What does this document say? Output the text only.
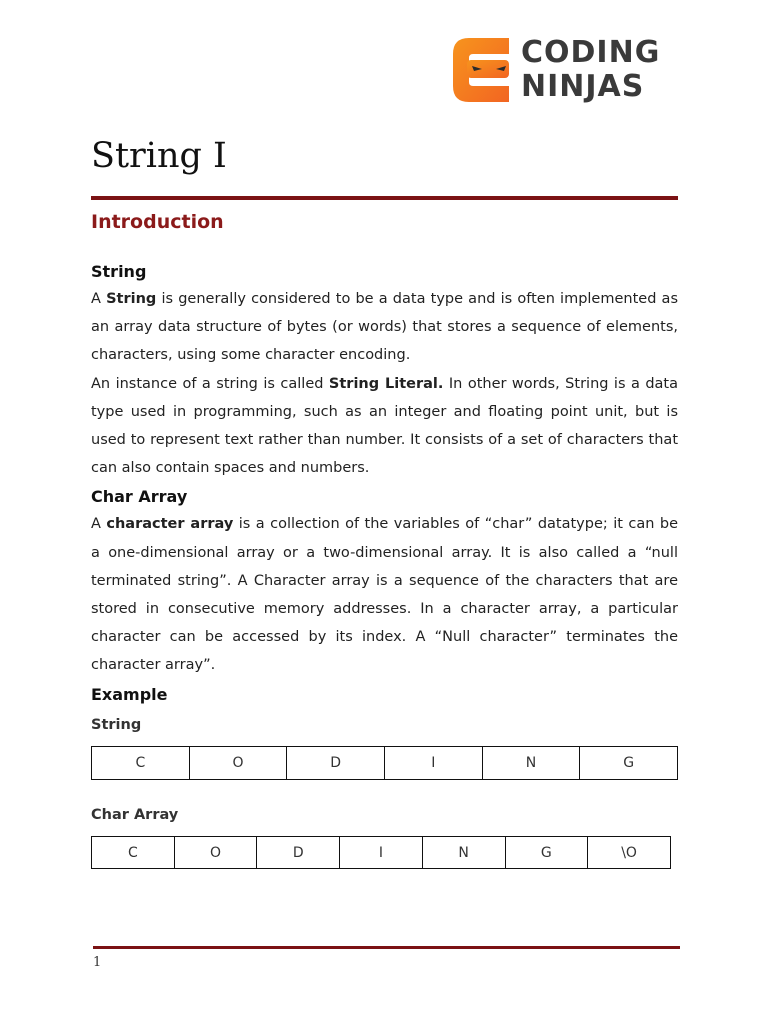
CODING
NINJAS
String I
Introduction
String

A String is generally considered to be a data type and is often implemented as an array data structure of bytes (or words) that stores a sequence of elements, characters, using some character encoding.

An instance of a string is called String Literal. In other words, String is a data type used in programming, such as an integer and floating point unit, but is used to represent text rather than number. It consists of a set of characters that can also contain spaces and numbers.

Char Array

A character array is a collection of the variables of “char” datatype; it can be a one-dimensional array or a two-dimensional array. It is also called a “null terminated string”. A Character array is a sequence of the characters that are stored in consecutive memory addresses. In a character array, a particular character can be accessed by its index. A “Null character” terminates the character array”.

Example

String

C	O	D	I	N	G

Char Array

C	O	D	I	N	G	\O
1
